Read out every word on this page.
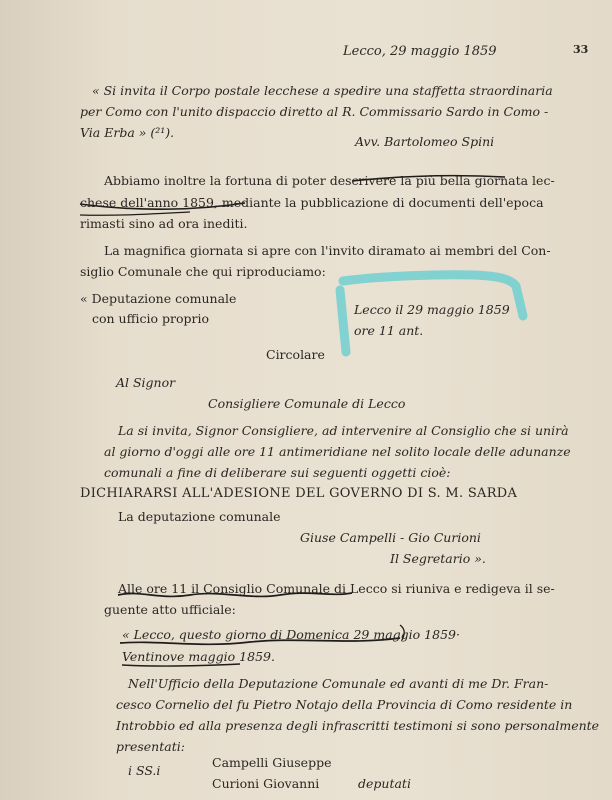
Lecco, 29 maggio 1859	33
« Si invita il Corpo postale lecchese a spedire una staffetta straordinaria
per Como con l'unito dispaccio diretto al R. Commissario Sardo in Como -
Via Erba » (²¹).
Avv. Bartolomeo Spini
Abbiamo inoltre la fortuna di poter descrivere la più bella giornata lec-
chese dell'anno 1859, mediante la pubblicazione di documenti dell'epoca
rimasti sino ad ora inediti.
La magnifica giornata si apre con l'invito diramato ai membri del Con-
siglio Comunale che qui riproduciamo:
« Deputazione comunale
con ufficio proprio
Lecco il 29 maggio 1859
ore 11 ant.
Circolare
Al Signor
Consigliere Comunale di Lecco
La si invita, Signor Consigliere, ad intervenire al Consiglio che si unirà
al giorno d'oggi alle ore 11 antimeridiane nel solito locale delle adunanze
comunali a fine di deliberare sui seguenti oggetti cioè:
DICHIARARSI ALL'ADESIONE DEL GOVERNO DI S. M. SARDA
La deputazione comunale
Giuse Campelli - Gio Curioni
Il Segretario ».
Alle ore 11 il Consiglio Comunale di Lecco si riuniva e redigeva il se-
guente atto ufficiale:
« Lecco, questo giorno di Domenica 29 maggio 1859·
Ventinove maggio 1859.
Nell'Ufficio della Deputazione Comunale ed avanti di me Dr. Fran-
cesco Cornelio del fu Pietro Notajo della Provincia di Como residente in
Introbbio ed alla presenza degli infrascritti testimoni si sono personalmente
presentati:
i SS.i
Campelli Giuseppe
Curioni Giovanni	deputati
